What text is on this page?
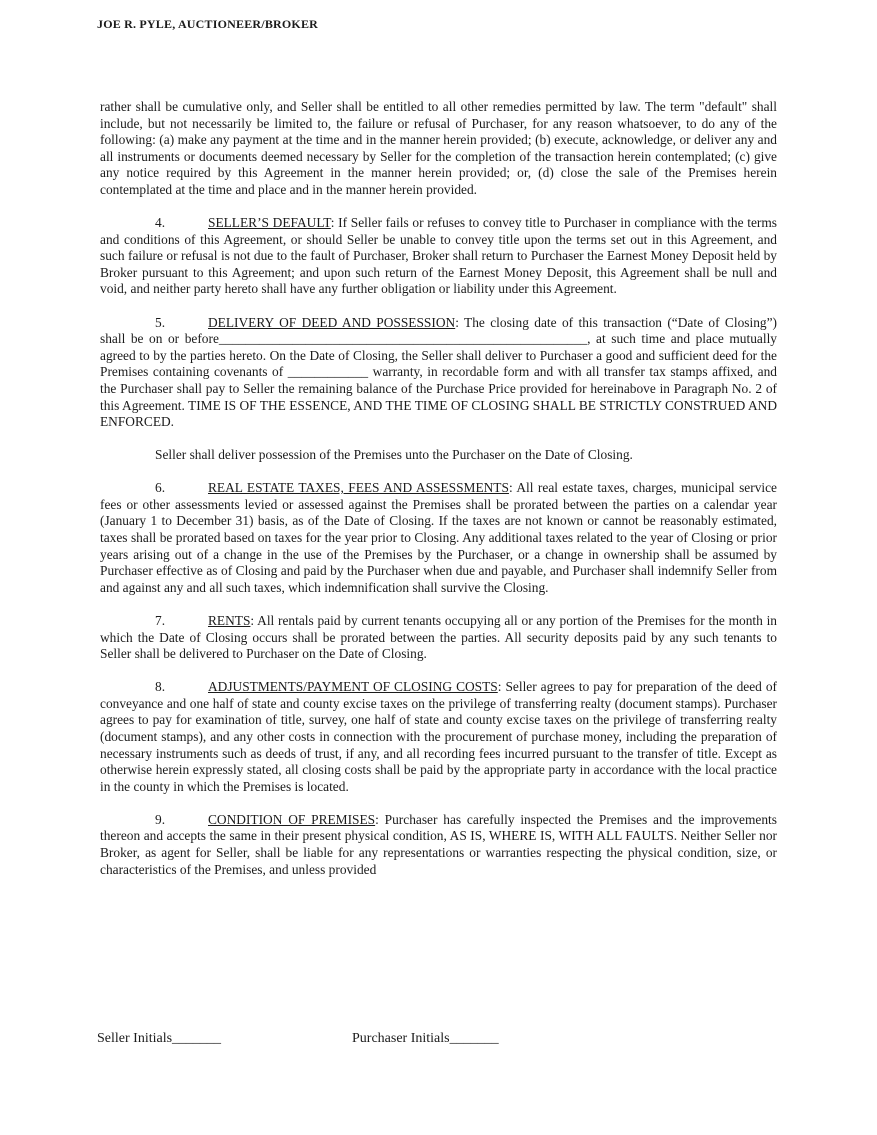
JOE R. PYLE, AUCTIONEER/BROKER

rather shall be cumulative only, and Seller shall be entitled to all other remedies permitted by law. The term "default" shall include, but not necessarily be limited to, the failure or refusal of Purchaser, for any reason whatsoever, to do any of the following: (a) make any payment at the time and in the manner herein provided; (b) execute, acknowledge, or deliver any and all instruments or documents deemed necessary by Seller for the completion of the transaction herein contemplated; (c) give any notice required by this Agreement in the manner herein provided; or, (d) close the sale of the Premises herein contemplated at the time and place and in the manner herein provided.

4.	SELLER’S DEFAULT: If Seller fails or refuses to convey title to Purchaser in compliance with the terms and conditions of this Agreement, or should Seller be unable to convey title upon the terms set out in this Agreement, and such failure or refusal is not due to the fault of Purchaser, Broker shall return to Purchaser the Earnest Money Deposit held by Broker pursuant to this Agreement; and upon such return of the Earnest Money Deposit, this Agreement shall be null and void, and neither party hereto shall have any further obligation or liability under this Agreement.

5.	DELIVERY OF DEED AND POSSESSION: The closing date of this transaction (“Date of Closing”) shall be on or before_______________________________________________________, at such time and place mutually agreed to by the parties hereto. On the Date of Closing, the Seller shall deliver to Purchaser a good and sufficient deed for the Premises containing covenants of ____________ warranty, in recordable form and with all transfer tax stamps affixed, and the Purchaser shall pay to Seller the remaining balance of the Purchase Price provided for hereinabove in Paragraph No. 2 of this Agreement. TIME IS OF THE ESSENCE, AND THE TIME OF CLOSING SHALL BE STRICTLY CONSTRUED AND ENFORCED.

Seller shall deliver possession of the Premises unto the Purchaser on the Date of Closing.

6.	REAL ESTATE TAXES, FEES AND ASSESSMENTS: All real estate taxes, charges, municipal service fees or other assessments levied or assessed against the Premises shall be prorated between the parties on a calendar year (January 1 to December 31) basis, as of the Date of Closing. If the taxes are not known or cannot be reasonably estimated, taxes shall be prorated based on taxes for the year prior to Closing. Any additional taxes related to the year of Closing or prior years arising out of a change in the use of the Premises by the Purchaser, or a change in ownership shall be assumed by Purchaser effective as of Closing and paid by the Purchaser when due and payable, and Purchaser shall indemnify Seller from and against any and all such taxes, which indemnification shall survive the Closing.

7.	RENTS: All rentals paid by current tenants occupying all or any portion of the Premises for the month in which the Date of Closing occurs shall be prorated between the parties. All security deposits paid by any such tenants to Seller shall be delivered to Purchaser on the Date of Closing.

8.	ADJUSTMENTS/PAYMENT OF CLOSING COSTS: Seller agrees to pay for preparation of the deed of conveyance and one half of state and county excise taxes on the privilege of transferring realty (document stamps). Purchaser agrees to pay for examination of title, survey, one half of state and county excise taxes on the privilege of transferring realty (document stamps), and any other costs in connection with the procurement of purchase money, including the preparation of necessary instruments such as deeds of trust, if any, and all recording fees incurred pursuant to the transfer of title. Except as otherwise herein expressly stated, all closing costs shall be paid by the appropriate party in accordance with the local practice in the county in which the Premises is located.

9.	CONDITION OF PREMISES: Purchaser has carefully inspected the Premises and the improvements thereon and accepts the same in their present physical condition, AS IS, WHERE IS, WITH ALL FAULTS. Neither Seller nor Broker, as agent for Seller, shall be liable for any representations or warranties respecting the physical condition, size, or characteristics of the Premises, and unless provided

Seller Initials_______	Purchaser Initials_______
